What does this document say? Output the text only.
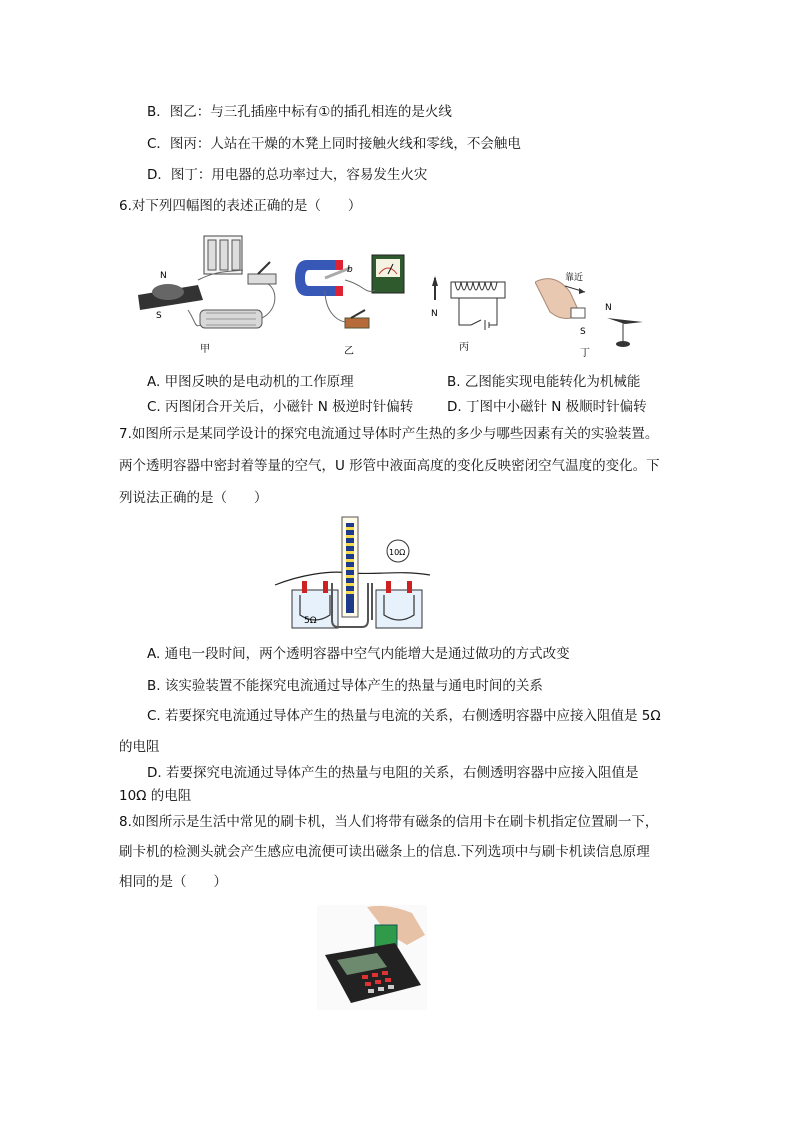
B．图乙：与三孔插座中标有①的插孔相连的是火线
C．图丙：人站在干燥的木凳上同时接触火线和零线，不会触电
D．图丁：用电器的总功率过大，容易发生火灾
6.对下列四幅图的表述正确的是（　　）
N
S
甲
b
乙
N
丙
靠近
S
N
丁
A. 甲图反映的是电动机的工作原理	B. 乙图能实现电能转化为机械能
C. 丙图闭合开关后，小磁针 N 极逆时针偏转	D. 丁图中小磁针 N 极顺时针偏转
7.如图所示是某同学设计的探究电流通过导体时产生热的多少与哪些因素有关的实验装置。
两个透明容器中密封着等量的空气，U 形管中液面高度的变化反映密闭空气温度的变化。下
列说法正确的是（　　）
5Ω
10Ω
A. 通电一段时间，两个透明容器中空气内能增大是通过做功的方式改变
B. 该实验装置不能探究电流通过导体产生的热量与通电时间的关系
C. 若要探究电流通过导体产生的热量与电流的关系，右侧透明容器中应接入阻值是 5Ω
的电阻
D. 若要探究电流通过导体产生的热量与电阻的关系，右侧透明容器中应接入阻值是
10Ω 的电阻
8.如图所示是生活中常见的刷卡机，当人们将带有磁条的信用卡在刷卡机指定位置刷一下，
刷卡机的检测头就会产生感应电流便可读出磁条上的信息.下列选项中与刷卡机读信息原理
相同的是（　　）
